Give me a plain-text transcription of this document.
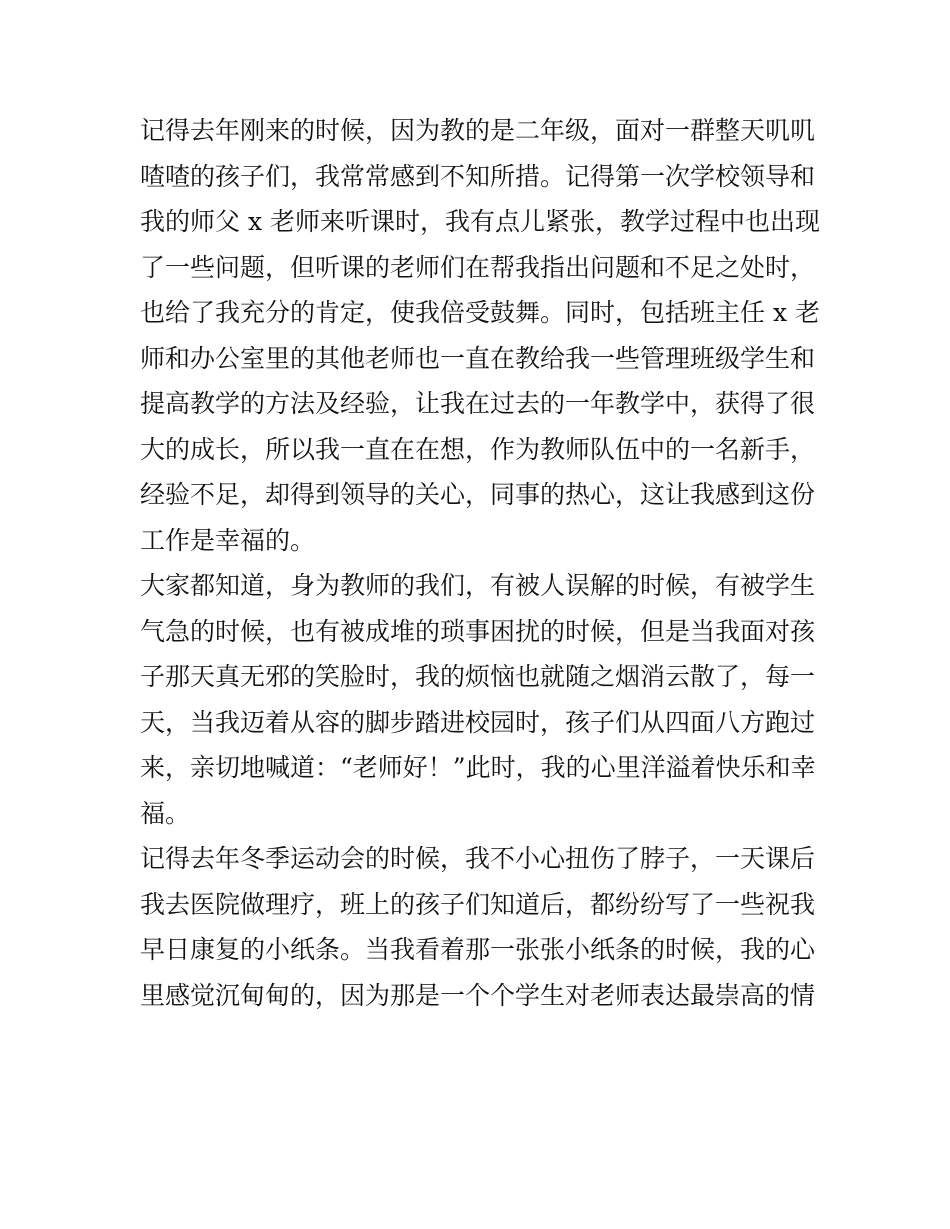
记得去年刚来的时候，因为教的是二年级，面对一群整天叽叽
喳喳的孩子们，我常常感到不知所措。记得第一次学校领导和
我的师父 x 老师来听课时，我有点儿紧张，教学过程中也出现
了一些问题，但听课的老师们在帮我指出问题和不足之处时，
也给了我充分的肯定，使我倍受鼓舞。同时，包括班主任 x 老
师和办公室里的其他老师也一直在教给我一些管理班级学生和
提高教学的方法及经验，让我在过去的一年教学中，获得了很
大的成长，所以我一直在在想，作为教师队伍中的一名新手，
经验不足，却得到领导的关心，同事的热心，这让我感到这份
工作是幸福的。
大家都知道，身为教师的我们，有被人误解的时候，有被学生
气急的时候，也有被成堆的琐事困扰的时候，但是当我面对孩
子那天真无邪的笑脸时，我的烦恼也就随之烟消云散了，每一
天，当我迈着从容的脚步踏进校园时，孩子们从四面八方跑过
来，亲切地喊道：“老师好！”此时，我的心里洋溢着快乐和幸
福。
记得去年冬季运动会的时候，我不小心扭伤了脖子，一天课后
我去医院做理疗，班上的孩子们知道后，都纷纷写了一些祝我
早日康复的小纸条。当我看着那一张张小纸条的时候，我的心
里感觉沉甸甸的，因为那是一个个学生对老师表达最崇高的情
